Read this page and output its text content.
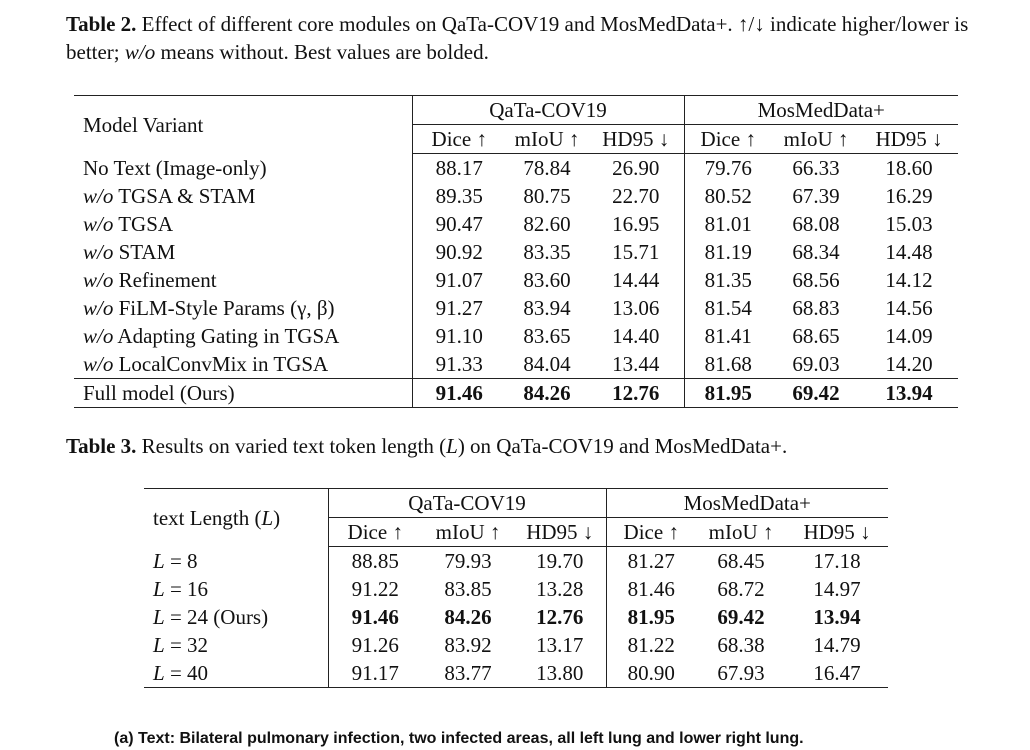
Table 2. Effect of different core modules on QaTa-COV19 and MosMedData+. ↑/↓ indicate higher/lower is better; w/o means without. Best values are bolded.
Model Variant	QaTa-COV19			MosMedData+		
	Dice ↑	mIoU ↑	HD95 ↓	Dice ↑	mIoU ↑	HD95 ↓
No Text (Image-only)	88.17	78.84	26.90	79.76	66.33	18.60
w/o TGSA & STAM	89.35	80.75	22.70	80.52	67.39	16.29
w/o TGSA	90.47	82.60	16.95	81.01	68.08	15.03
w/o STAM	90.92	83.35	15.71	81.19	68.34	14.48
w/o Refinement	91.07	83.60	14.44	81.35	68.56	14.12
w/o FiLM-Style Params (γ, β)	91.27	83.94	13.06	81.54	68.83	14.56
w/o Adapting Gating in TGSA	91.10	83.65	14.40	81.41	68.65	14.09
w/o LocalConvMix in TGSA	91.33	84.04	13.44	81.68	69.03	14.20
Full model (Ours)	91.46	84.26	12.76	81.95	69.42	13.94
Table 3. Results on varied text token length (L) on QaTa-COV19 and MosMedData+.
text Length (L)	QaTa-COV19			MosMedData+		
	Dice ↑	mIoU ↑	HD95 ↓	Dice ↑	mIoU ↑	HD95 ↓
L = 8	88.85	79.93	19.70	81.27	68.45	17.18
L = 16	91.22	83.85	13.28	81.46	68.72	14.97
L = 24 (Ours)	91.46	84.26	12.76	81.95	69.42	13.94
L = 32	91.26	83.92	13.17	81.22	68.38	14.79
L = 40	91.17	83.77	13.80	80.90	67.93	16.47
(a) Text: Bilateral pulmonary infection, two infected areas, all left lung and lower right lung.
